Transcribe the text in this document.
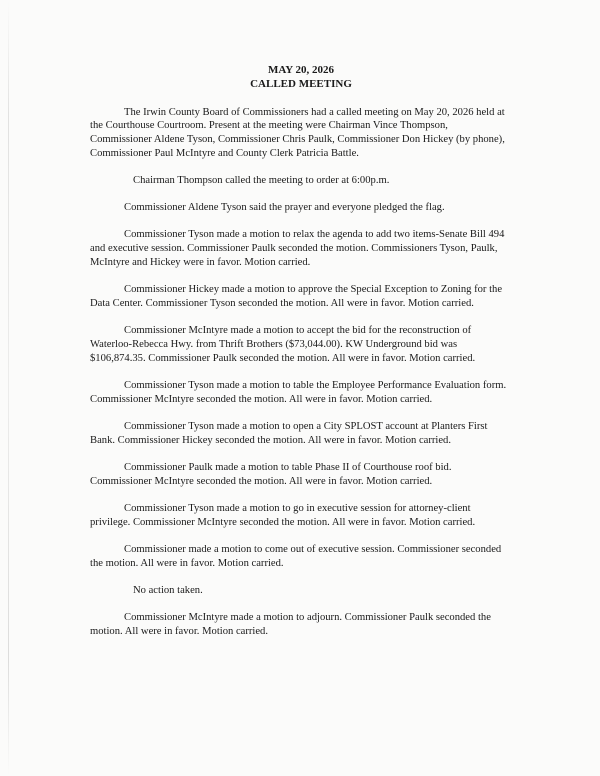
MAY 20, 2026
CALLED MEETING

The Irwin County Board of Commissioners had a called meeting on May 20, 2026 held at the Courthouse Courtroom. Present at the meeting were Chairman Vince Thompson, Commissioner Aldene Tyson, Commissioner Chris Paulk, Commissioner Don Hickey (by phone), Commissioner Paul McIntyre and County Clerk Patricia Battle.

Chairman Thompson called the meeting to order at 6:00p.m.

Commissioner Aldene Tyson said the prayer and everyone pledged the flag.

Commissioner Tyson made a motion to relax the agenda to add two items-Senate Bill 494 and executive session. Commissioner Paulk seconded the motion. Commissioners Tyson, Paulk, McIntyre and Hickey were in favor. Motion carried.

Commissioner Hickey made a motion to approve the Special Exception to Zoning for the Data Center. Commissioner Tyson seconded the motion. All were in favor. Motion carried.

Commissioner McIntyre made a motion to accept the bid for the reconstruction of Waterloo-Rebecca Hwy. from Thrift Brothers ($73,044.00). KW Underground bid was $106,874.35. Commissioner Paulk seconded the motion. All were in favor. Motion carried.

Commissioner Tyson made a motion to table the Employee Performance Evaluation form. Commissioner McIntyre seconded the motion. All were in favor. Motion carried.

Commissioner Tyson made a motion to open a City SPLOST account at Planters First Bank. Commissioner Hickey seconded the motion. All were in favor. Motion carried.

Commissioner Paulk made a motion to table Phase II of Courthouse roof bid. Commissioner McIntyre seconded the motion. All were in favor. Motion carried.

Commissioner Tyson made a motion to go in executive session for attorney-client privilege. Commissioner McIntyre seconded the motion. All were in favor. Motion carried.

Commissioner made a motion to come out of executive session. Commissioner seconded the motion. All were in favor. Motion carried.

No action taken.

Commissioner McIntyre made a motion to adjourn. Commissioner Paulk seconded the motion. All were in favor. Motion carried.
